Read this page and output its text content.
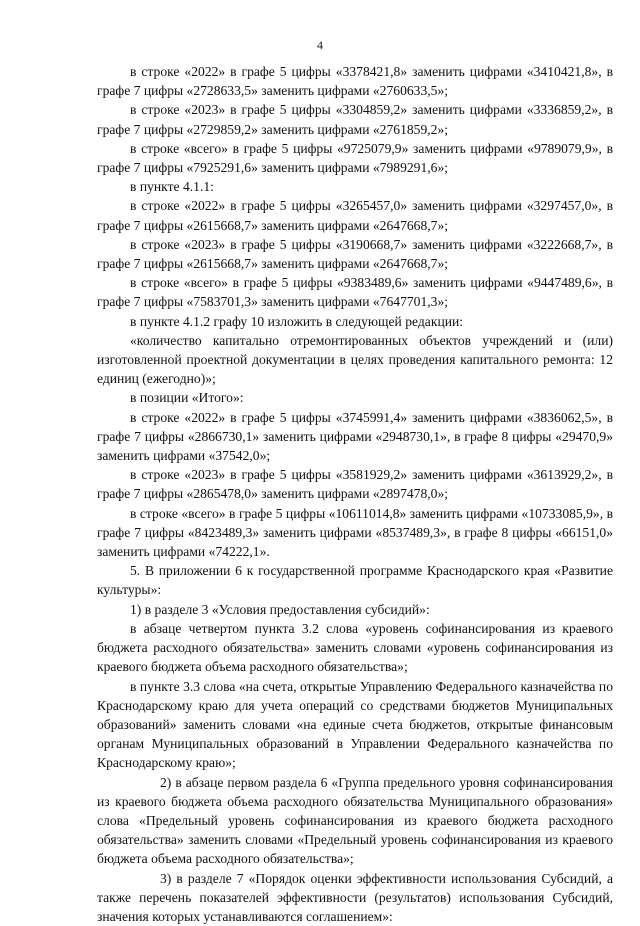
4

в строке «2022» в графе 5 цифры «3378421,8» заменить цифрами «3410421,8», в графе 7 цифры «2728633,5» заменить цифрами «2760633,5»;

в строке «2023» в графе 5 цифры «3304859,2» заменить цифрами «3336859,2», в графе 7 цифры «2729859,2» заменить цифрами «2761859,2»;

в строке «всего» в графе 5 цифры «9725079,9» заменить цифрами «9789079,9», в графе 7 цифры «7925291,6» заменить цифрами «7989291,6»;

в пункте 4.1.1:

в строке «2022» в графе 5 цифры «3265457,0» заменить цифрами «3297457,0», в графе 7 цифры «2615668,7» заменить цифрами «2647668,7»;

в строке «2023» в графе 5 цифры «3190668,7» заменить цифрами «3222668,7», в графе 7 цифры «2615668,7» заменить цифрами «2647668,7»;

в строке «всего» в графе 5 цифры «9383489,6» заменить цифрами «9447489,6», в графе 7 цифры «7583701,3» заменить цифрами «7647701,3»;

в пункте 4.1.2 графу 10 изложить в следующей редакции:

«количество капитально отремонтированных объектов учреждений и (или) изготовленной проектной документации в целях проведения капитального ремонта: 12 единиц (ежегодно)»;

в позиции «Итого»:

в строке «2022» в графе 5 цифры «3745991,4» заменить цифрами «3836062,5», в графе 7 цифры «2866730,1» заменить цифрами «2948730,1», в графе 8 цифры «29470,9» заменить цифрами «37542,0»;

в строке «2023» в графе 5 цифры «3581929,2» заменить цифрами «3613929,2», в графе 7 цифры «2865478,0» заменить цифрами «2897478,0»;

в строке «всего» в графе 5 цифры «10611014,8» заменить цифрами «10733085,9», в графе 7 цифры «8423489,3» заменить цифрами «8537489,3», в графе 8 цифры «66151,0» заменить цифрами «74222,1».

5. В приложении 6 к государственной программе Краснодарского края «Развитие культуры»:

1) в разделе 3 «Условия предоставления субсидий»:

в абзаце четвертом пункта 3.2 слова «уровень софинансирования из краевого бюджета расходного обязательства» заменить словами «уровень софинансирования из краевого бюджета объема расходного обязательства»;

в пункте 3.3 слова «на счета, открытые Управлению Федерального казначейства по Краснодарскому краю для учета операций со средствами бюджетов Муниципальных образований» заменить словами «на единые счета бюджетов, открытые финансовым органам Муниципальных образований в Управлении Федерального казначейства по Краснодарскому краю»;

2) в абзаце первом раздела 6 «Группа предельного уровня софинансирования из краевого бюджета объема расходного обязательства Муниципального образования» слова «Предельный уровень софинансирования из краевого бюджета расходного обязательства» заменить словами «Предельный уровень софинансирования из краевого бюджета объема расходного обязательства»;

3) в разделе 7 «Порядок оценки эффективности использования Субсидий, а также перечень показателей эффективности (результатов) использования Субсидий, значения которых устанавливаются соглашением»:
